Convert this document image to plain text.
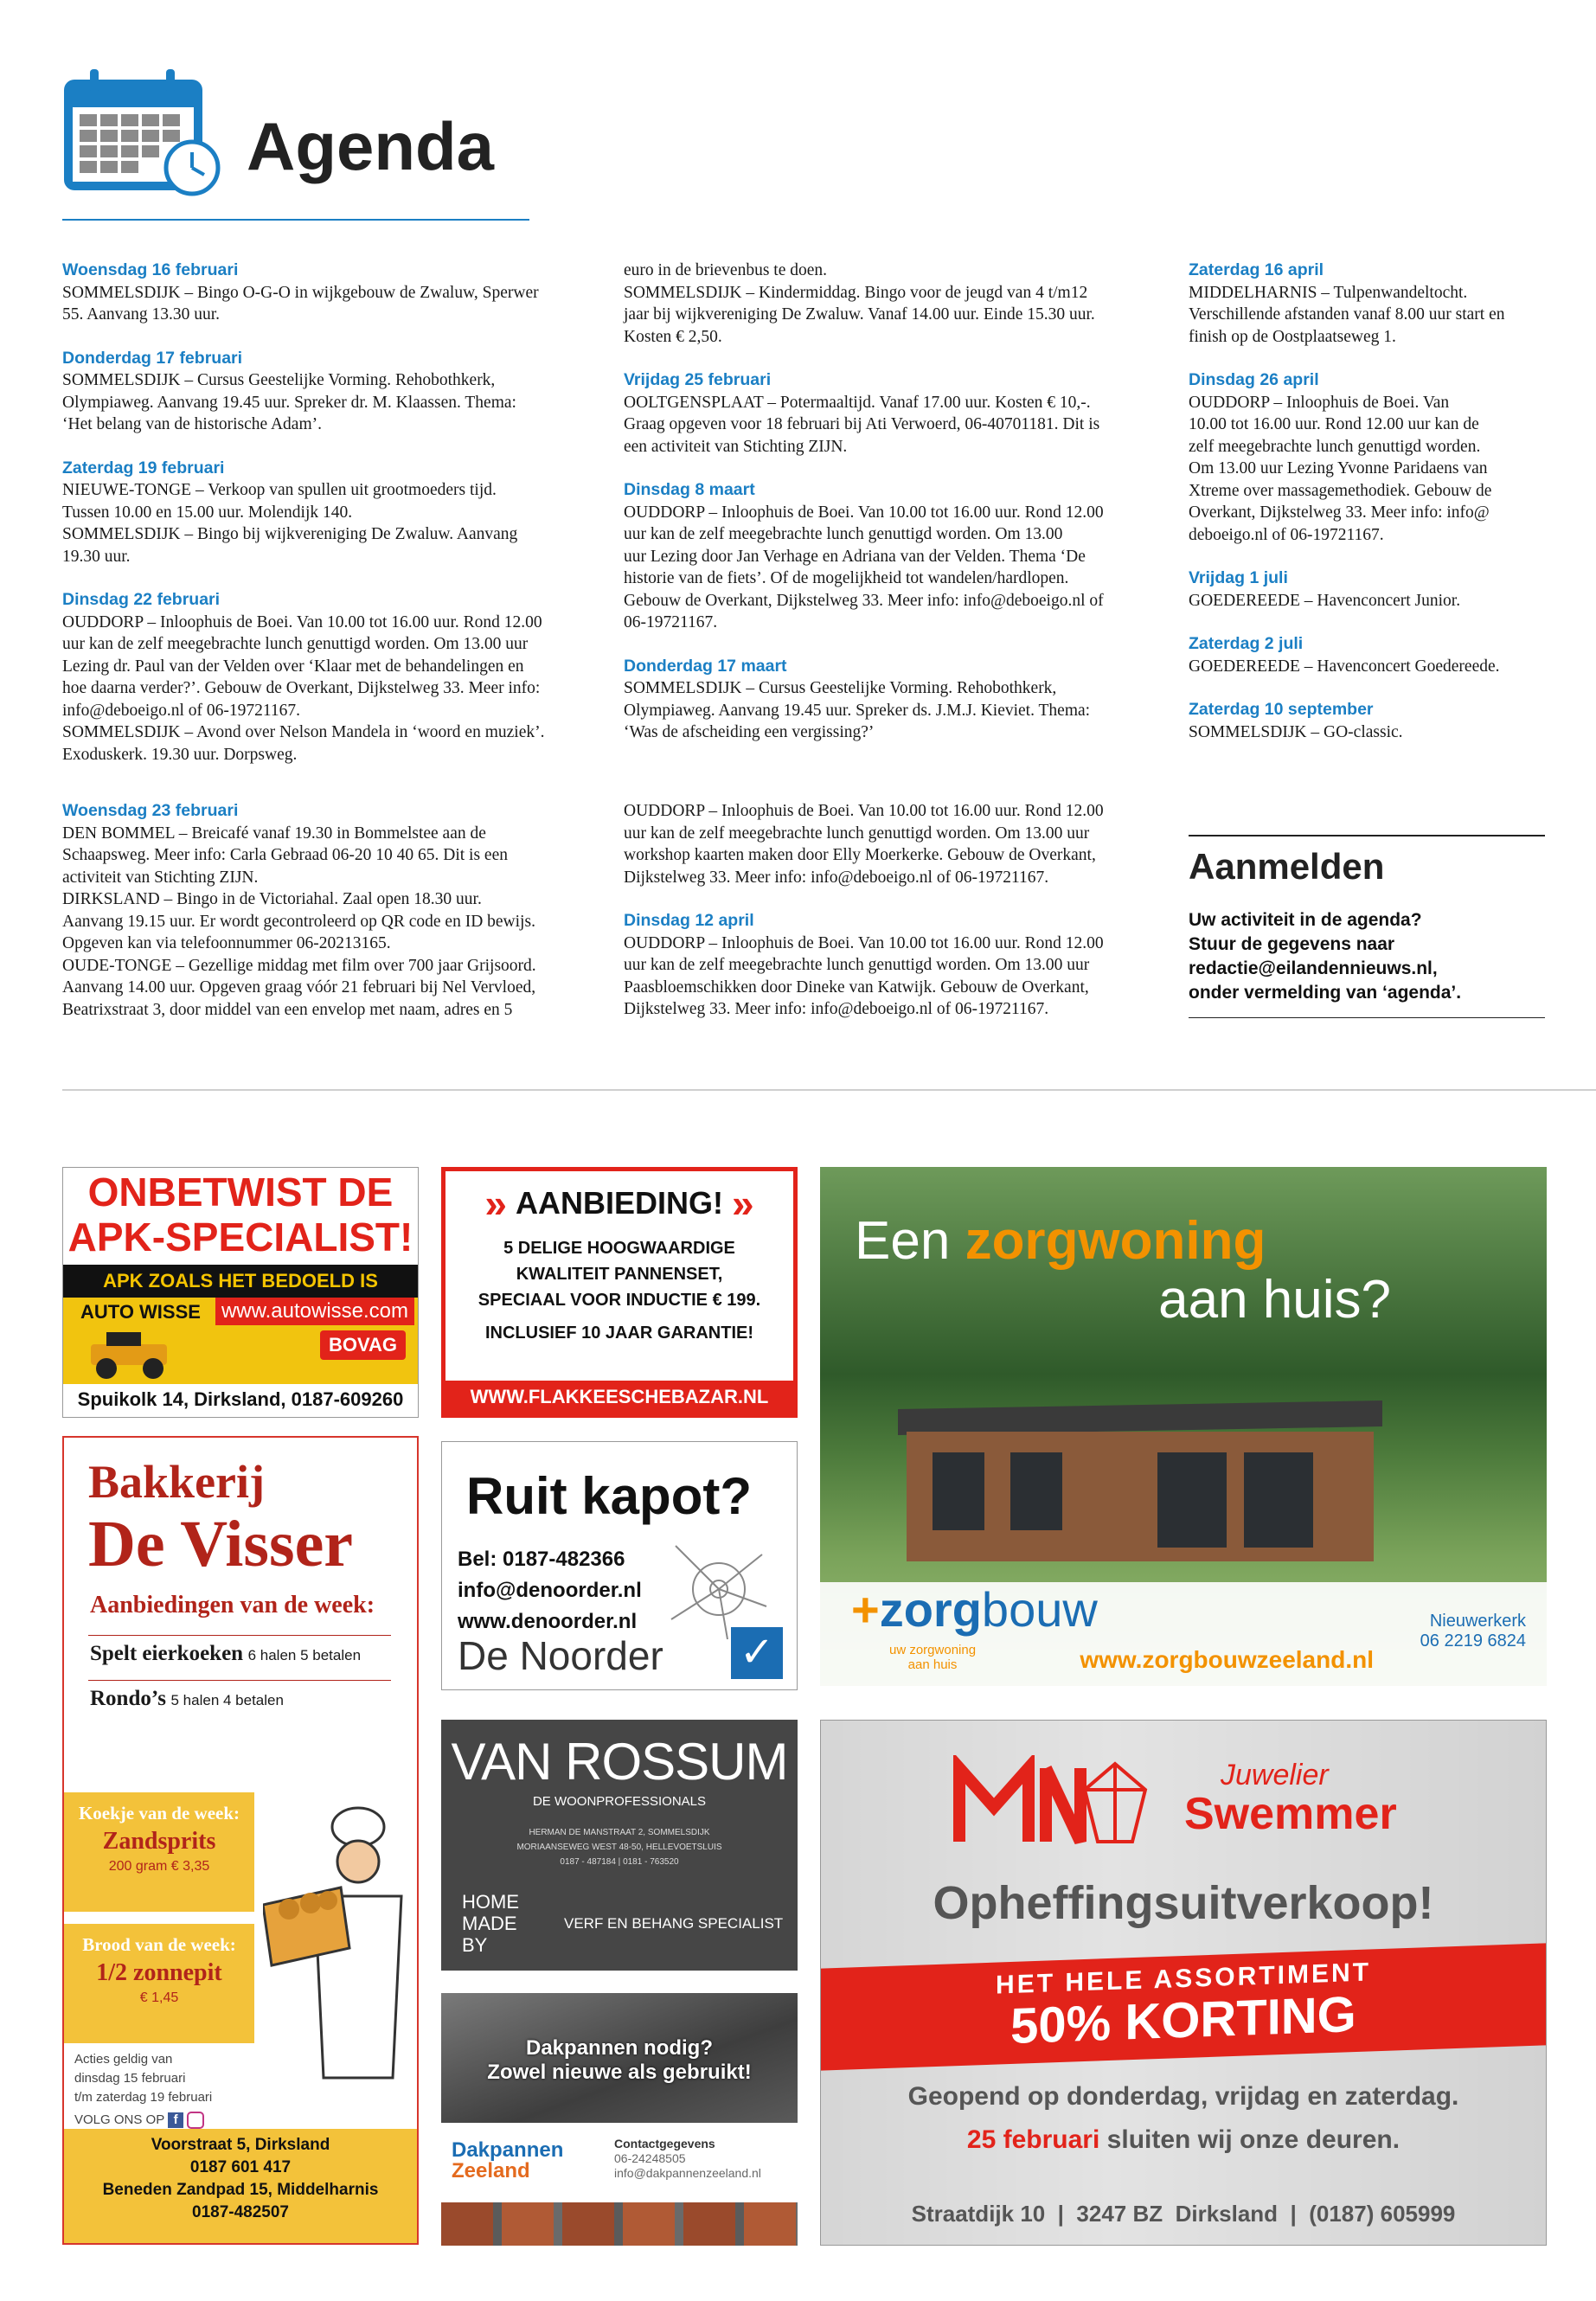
Agenda
Woensdag 16 februari

SOMMELSDIJK – Bingo O-G-O in wijkgebouw de Zwaluw, Sperwer

55. Aanvang 13.30 uur.

Donderdag 17 februari

SOMMELSDIJK – Cursus Geestelijke Vorming. Rehobothkerk,

Olympiaweg. Aanvang 19.45 uur. Spreker dr. M. Klaassen. Thema:

‘Het belang van de historische Adam’.

Zaterdag 19 februari

NIEUWE-TONGE – Verkoop van spullen uit grootmoeders tijd.

Tussen 10.00 en 15.00 uur. Molendijk 140.

SOMMELSDIJK – Bingo bij wijkvereniging De Zwaluw. Aanvang

19.30 uur.

Dinsdag 22 februari

OUDDORP – Inloophuis de Boei. Van 10.00 tot 16.00 uur. Rond 12.00

uur kan de zelf meegebrachte lunch genuttigd worden. Om 13.00 uur

Lezing dr. Paul van der Velden over ‘Klaar met de behandelingen en

hoe daarna verder?’. Gebouw de Overkant, Dijkstelweg 33. Meer info:

info@deboeigo.nl of 06-19721167.

SOMMELSDIJK – Avond over Nelson Mandela in ‘woord en muziek’.

Exoduskerk. 19.30 uur. Dorpsweg.

Woensdag 23 februari

DEN BOMMEL – Breicafé vanaf 19.30 in Bommelstee aan de

Schaapsweg. Meer info: Carla Gebraad 06-20 10 40 65. Dit is een

activiteit van Stichting ZIJN.

DIRKSLAND – Bingo in de Victoriahal. Zaal open 18.30 uur.

Aanvang 19.15 uur. Er wordt gecontroleerd op QR code en ID bewijs.

Opgeven kan via telefoonnummer 06-20213165.

OUDE-TONGE – Gezellige middag met film over 700 jaar Grijsoord.

Aanvang 14.00 uur. Opgeven graag vóór 21 februari bij Nel Vervloed,

Beatrixstraat 3, door middel van een envelop met naam, adres en 5

euro in de brievenbus te doen.

SOMMELSDIJK – Kindermiddag. Bingo voor de jeugd van 4 t/m12

jaar bij wijkvereniging De Zwaluw. Vanaf 14.00 uur. Einde 15.30 uur.

Kosten € 2,50.

Vrijdag 25 februari

OOLTGENSPLAAT – Potermaaltijd. Vanaf 17.00 uur. Kosten € 10,-.

Graag opgeven voor 18 februari bij Ati Verwoerd, 06-40701181. Dit is

een activiteit van Stichting ZIJN.

Dinsdag 8 maart

OUDDORP – Inloophuis de Boei. Van 10.00 tot 16.00 uur. Rond 12.00

uur kan de zelf meegebrachte lunch genuttigd worden. Om 13.00

uur Lezing door Jan Verhage en Adriana van der Velden. Thema ‘De

historie van de fiets’. Of de mogelijkheid tot wandelen/hardlopen.

Gebouw de Overkant, Dijkstelweg 33. Meer info: info@deboeigo.nl of

06-19721167.

Donderdag 17 maart

SOMMELSDIJK – Cursus Geestelijke Vorming. Rehobothkerk,

Olympiaweg. Aanvang 19.45 uur. Spreker ds. J.M.J. Kieviet. Thema:

‘Was de afscheiding een vergissing?’

OUDDORP – Inloophuis de Boei. Van 10.00 tot 16.00 uur. Rond 12.00

uur kan de zelf meegebrachte lunch genuttigd worden. Om 13.00 uur

workshop kaarten maken door Elly Moerkerke. Gebouw de Overkant,

Dijkstelweg 33. Meer info: info@deboeigo.nl of 06-19721167.

Dinsdag 12 april

OUDDORP – Inloophuis de Boei. Van 10.00 tot 16.00 uur. Rond 12.00

uur kan de zelf meegebrachte lunch genuttigd worden. Om 13.00 uur

Paasbloemschikken door Dineke van Katwijk. Gebouw de Overkant,

Dijkstelweg 33. Meer info: info@deboeigo.nl of 06-19721167.

Zaterdag 16 april

MIDDELHARNIS – Tulpenwandeltocht.

Verschillende afstanden vanaf 8.00 uur start en

finish op de Oostplaatseweg 1.

Dinsdag 26 april

OUDDORP – Inloophuis de Boei. Van

10.00 tot 16.00 uur. Rond 12.00 uur kan de

zelf meegebrachte lunch genuttigd worden.

Om 13.00 uur Lezing Yvonne Paridaens van

Xtreme over massagemethodiek. Gebouw de

Overkant, Dijkstelweg 33. Meer info: info@

deboeigo.nl of 06-19721167.

Vrijdag 1 juli

GOEDEREEDE – Havenconcert Junior.

Zaterdag 2 juli

GOEDEREEDE – Havenconcert Goedereede.

Zaterdag 10 september

SOMMELSDIJK – GO-classic.

Aanmelden
Uw activiteit in de agenda?
Stuur de gegevens naar
redactie@eilandennieuws.nl,
onder vermelding van ‘agenda’.
ONBETWIST DE
APK-SPECIALIST!
APK ZOALS HET BEDOELD IS
AUTO WISSE www.autowisse.com
BOVAG
Spuikolk 14, Dirksland, 0187-609260
» AANBIEDING! »
5 DELIGE HOOGWAARDIGE
KWALITEIT PANNENSET,
SPECIAAL VOOR INDUCTIE € 199.
INCLUSIEF 10 JAAR GARANTIE!
WWW.FLAKKEESCHEBAZAR.NL
Een zorgwoning
aan huis?
+zorgbouw
uw zorgwoning
aan huis
Nieuwerkerk
06 2219 6824
www.zorgbouwzeeland.nl
Bakkerij
De Visser
Aanbiedingen van de week:
Spelt eierkoeken 6 halen 5 betalen
Rondo’s 5 halen 4 betalen
Koekje van de week:
Zandsprits
200 gram € 3,35
Brood van de week:
1/2 zonnepit
€ 1,45
Acties geldig van
dinsdag 15 februari
t/m zaterdag 19 februari
VOLG ONS OP f
Voorstraat 5, Dirksland
0187 601 417
Beneden Zandpad 15, Middelharnis
0187-482507
Ruit kapot?
Bel: 0187-482366
info@denoorder.nl
www.denoorder.nl
De Noorder ✓
VAN ROSSUM
DE WOONPROFESSIONALS
HERMAN DE MANSTRAAT 2, SOMMELSDIJK
MORIAANSEWEG WEST 48-50, HELLEVOETSLUIS
0187 - 487184 | 0181 - 763520
HOME
MADE
BY
VERF EN BEHANG SPECIALIST
Dakpannen nodig?
Zowel nieuwe als gebruikt!
Dakpannen
Zeeland
Contactgegevens
06-24248505
info@dakpannenzeeland.nl
Juwelier
Swemmer
Opheffingsuitverkoop!
HET HELE ASSORTIMENT
50% KORTING
Geopend op donderdag, vrijdag en zaterdag.
25 februari sluiten wij onze deuren.
Straatdijk 10  |  3247 BZ  Dirksland  |  (0187) 605999
